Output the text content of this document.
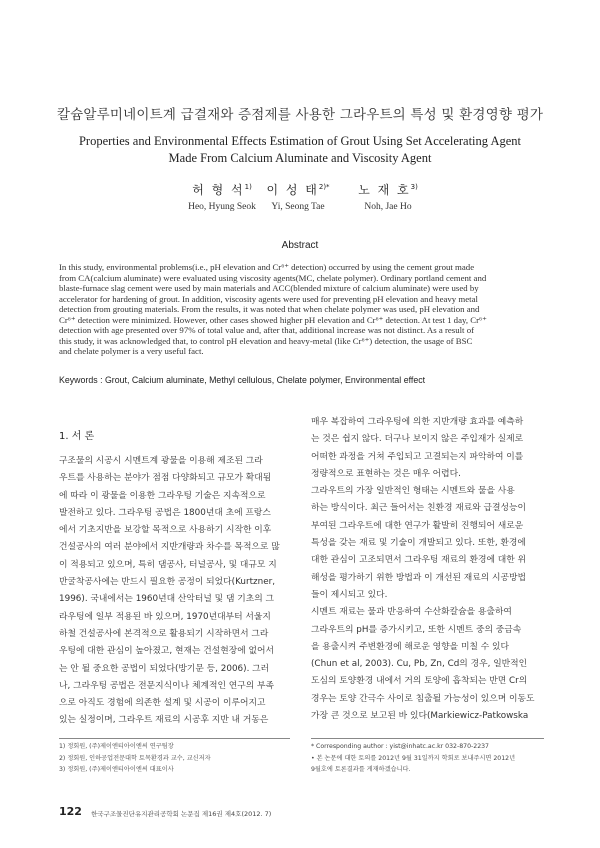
칼슘알루미네이트계 급결재와 증점제를 사용한 그라우트의 특성 및 환경영향 평가
Properties and Environmental Effects Estimation of Grout Using Set Accelerating Agent
Made From Calcium Aluminate and Viscosity Agent
허 형 석$^{1)}$
Heo, Hyung Seok
이 성 태$^{2)*}$
Yi, Seong Tae
노 재 호$^{3)}$
Noh, Jae Ho
Abstract
In this study, environmental problems(i.e., pH elevation and Cr⁶⁺ detection) occurred by using the cement grout made
from CA(calcium aluminate) were evaluated using viscosity agents(MC, chelate polymer). Ordinary portland cement and
blaste-furnace slag cement were used by main materials and ACC(blended mixture of calcium aluminate) were used by
accelerator for hardening of grout. In addition, viscosity agents were used for preventing pH elevation and heavy metal
detection from grouting materials. From the results, it was noted that when chelate polymer was used, pH elevation and
Cr⁶⁺ detection were minimized. However, other cases showed higher pH elevation and Cr⁶⁺ detection. At test 1 day, Cr⁶⁺
detection with age presented over 97% of total value and, after that, additional increase was not distinct. As a result of
this study, it was acknowledged that, to control pH elevation and heavy-metal (like Cr⁶⁺) detection, the usage of BSC
and chelate polymer is a very useful fact.
Keywords : Grout, Calcium aluminate, Methyl cellulous, Chelate polymer, Environmental effect
1. 서 론
구조물의 시공시 시멘트계 광물을 이용해 제조된 그라
우트를 사용하는 분야가 점점 다양화되고 규모가 확대됨
에 따라 이 광물을 이용한 그라우팅 기술은 지속적으로
발전하고 있다. 그라우팅 공법은 1800년대 초에 프랑스
에서 기초지반을 보강할 목적으로 사용하기 시작한 이후
건설공사의 여러 분야에서 지반개량과 차수를 목적으로 많
이 적용되고 있으며, 특히 댐공사, 터널공사, 및 대규모 지
반굴착공사에는 반드시 필요한 공정이 되었다(Kurtzner,
1996). 국내에서는 1960년대 산악터널 및 댐 기초의 그
라우팅에 일부 적용된 바 있으며, 1970년대부터 서울지
하철 건설공사에 본격적으로 활용되기 시작하면서 그라
우팅에 대한 관심이 높아졌고, 현재는 건설현장에 없어서
는 안 될 중요한 공법이 되었다(방기문 등, 2006). 그러
나, 그라우팅 공법은 전문지식이나 체계적인 연구의 부족
으로 아직도 경험에 의존한 설계 및 시공이 이루어지고
있는 실정이며, 그라우트 재료의 시공후 지반 내 거동은
매우 복잡하여 그라우팅에 의한 지반개량 효과를 예측하
는 것은 쉽지 않다. 더구나 보이지 않은 주입재가 실제로
어떠한 과정을 거쳐 주입되고 고결되는지 파악하여 이를
정량적으로 표현하는 것은 매우 어렵다.
그라우트의 가장 일반적인 형태는 시멘트와 물을 사용
하는 방식이다. 최근 들어서는 친환경 재료와 급결성능이
부여된 그라우트에 대한 연구가 활발히 진행되어 새로운
특성을 갖는 재료 및 기술이 개발되고 있다. 또한, 환경에
대한 관심이 고조되면서 그라우팅 재료의 환경에 대한 위
해성을 평가하기 위한 방법과 이 개선된 재료의 시공방법
들이 제시되고 있다.
시멘트 재료는 물과 반응하여 수산화칼슘을 용출하여
그라우트의 pH를 증가시키고, 또한 시멘트 중의 중금속
을 용출시켜 주변환경에 해로운 영향을 미칠 수 있다
(Chun et al, 2003). Cu, Pb, Zn, Cd의 경우, 일반적인
도심의 토양환경 내에서 거의 토양에 흡착되는 반면 Cr의
경우는 토양 간극수 사이로 침출될 가능성이 있으며 이동도
가장 큰 것으로 보고된 바 있다(Markiewicz-Patkowska
1) 정회원, (주)제이엔티아이엔씨 연구팀장
2) 정회원, 인하공업전문대학 토목환경과 교수, 교신저자
3) 정회원, (주)제이엔티아이엔씨 대표이사
* Corresponding author : yist@inhatc.ac.kr 032-870-2237
• 본 논문에 대한 토의를 2012년 9월 31일까지 학회로 보내주시면 2012년
9월호에 토론결과를 게재하겠습니다.
122 한국구조물진단유지관리공학회 논문집 제16권 제4호(2012. 7)
